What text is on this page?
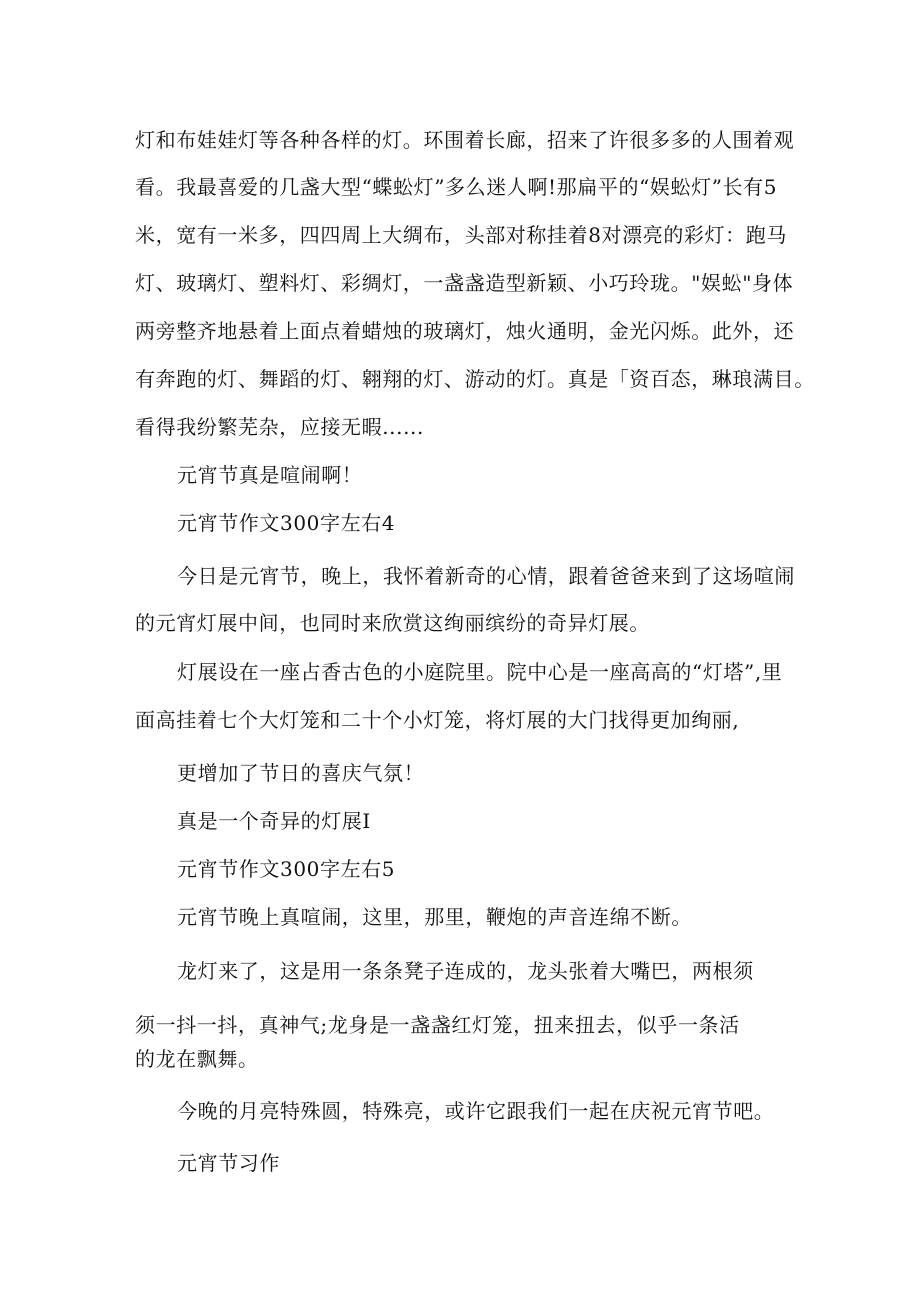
灯和布娃娃灯等各种各样的灯。环围着长廊，招来了许很多多的人围着观
看。我最喜爱的几盏大型“蝶蚣灯”多么迷人啊!那扁平的“娱蚣灯”长有5
米，宽有一米多，四四周上大绸布，头部对称挂着8对漂亮的彩灯：跑马
灯、玻璃灯、塑料灯、彩绸灯，一盏盏造型新颖、小巧玲珑。"娱蚣"身体
两旁整齐地悬着上面点着蜡烛的玻璃灯，烛火通明，金光闪烁。此外，还
有奔跑的灯、舞蹈的灯、翱翔的灯、游动的灯。真是「资百态，琳琅满目。
看得我纷繁芜杂，应接无暇......
元宵节真是喧闹啊！
元宵节作文300字左右4
今日是元宵节，晚上，我怀着新奇的心情，跟着爸爸来到了这场喧闹
的元宵灯展中间，也同时来欣赏这绚丽缤纷的奇异灯展。
灯展设在一座占香古色的小庭院里。院中心是一座高高的“灯塔”,里
面高挂着七个大灯笼和二十个小灯笼，将灯展的大门找得更加绚丽,
更增加了节日的喜庆气氛！
真是一个奇异的灯展I
元宵节作文300字左右5
元宵节晚上真喧闹，这里，那里，鞭炮的声音连绵不断。
龙灯来了，这是用一条条凳子连成的，龙头张着大嘴巴，两根须
须一抖一抖，真神气;龙身是一盏盏红灯笼，扭来扭去，似乎一条活
的龙在飘舞。
今晚的月亮特殊圆，特殊亮，或许它跟我们一起在庆祝元宵节吧。
元宵节习作
